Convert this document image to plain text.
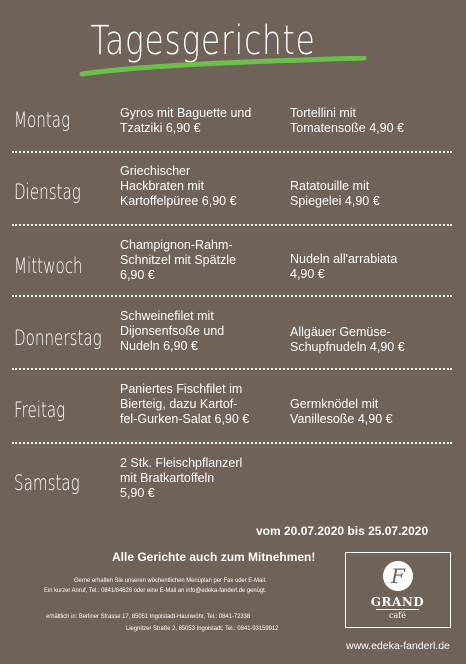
Tagesgerichte
Montag	Gyros mit Baguette und
Tzatziki 6,90 €
Tortellini mit
Tomatensoße 4,90 €
Dienstag
Griechischer
Hackbraten mit
Kartoffelpüree 6,90 €
Ratatouille mit
Spiegelei 4,90 €
Mittwoch
Champignon-Rahm-
Schnitzel mit Spätzle
6,90 €
Nudeln all'arrabiata
4,90 €
Donnerstag
Schweinefilet mit
Dijonsenfsoße und
Nudeln 6,90 €
Allgäuer Gemüse-
Schupfnudeln 4,90 €
Freitag
Paniertes Fischfilet im
Bierteig, dazu Kartof-
fel-Gurken-Salat 6,90 €
Germknödel mit
Vanillesoße 4,90 €
Samstag
2 Stk. Fleischpflanzerl
mit Bratkartoffeln
5,90 €
vom 20.07.2020 bis 25.07.2020
Alle Gerichte auch zum Mitnehmen!
Gerne erhalten Sie unseren wöchentlichen Menüplan per Fax oder E-Mail.
Ein kurzer Anruf, Tel.: 0841/84626 oder eine E-Mail an info@edeka-fanderl.de genügt.
erhältlich in: Berliner Strasse 17, 85051 Ingolstadt-Haunwöhr, Tel.: 0841-72338
Liegnitzer Straße 2, 85053 Ingolstadt, Tel.: 0841-93159912
F
GRAND
café
www.edeka-fanderl.de
